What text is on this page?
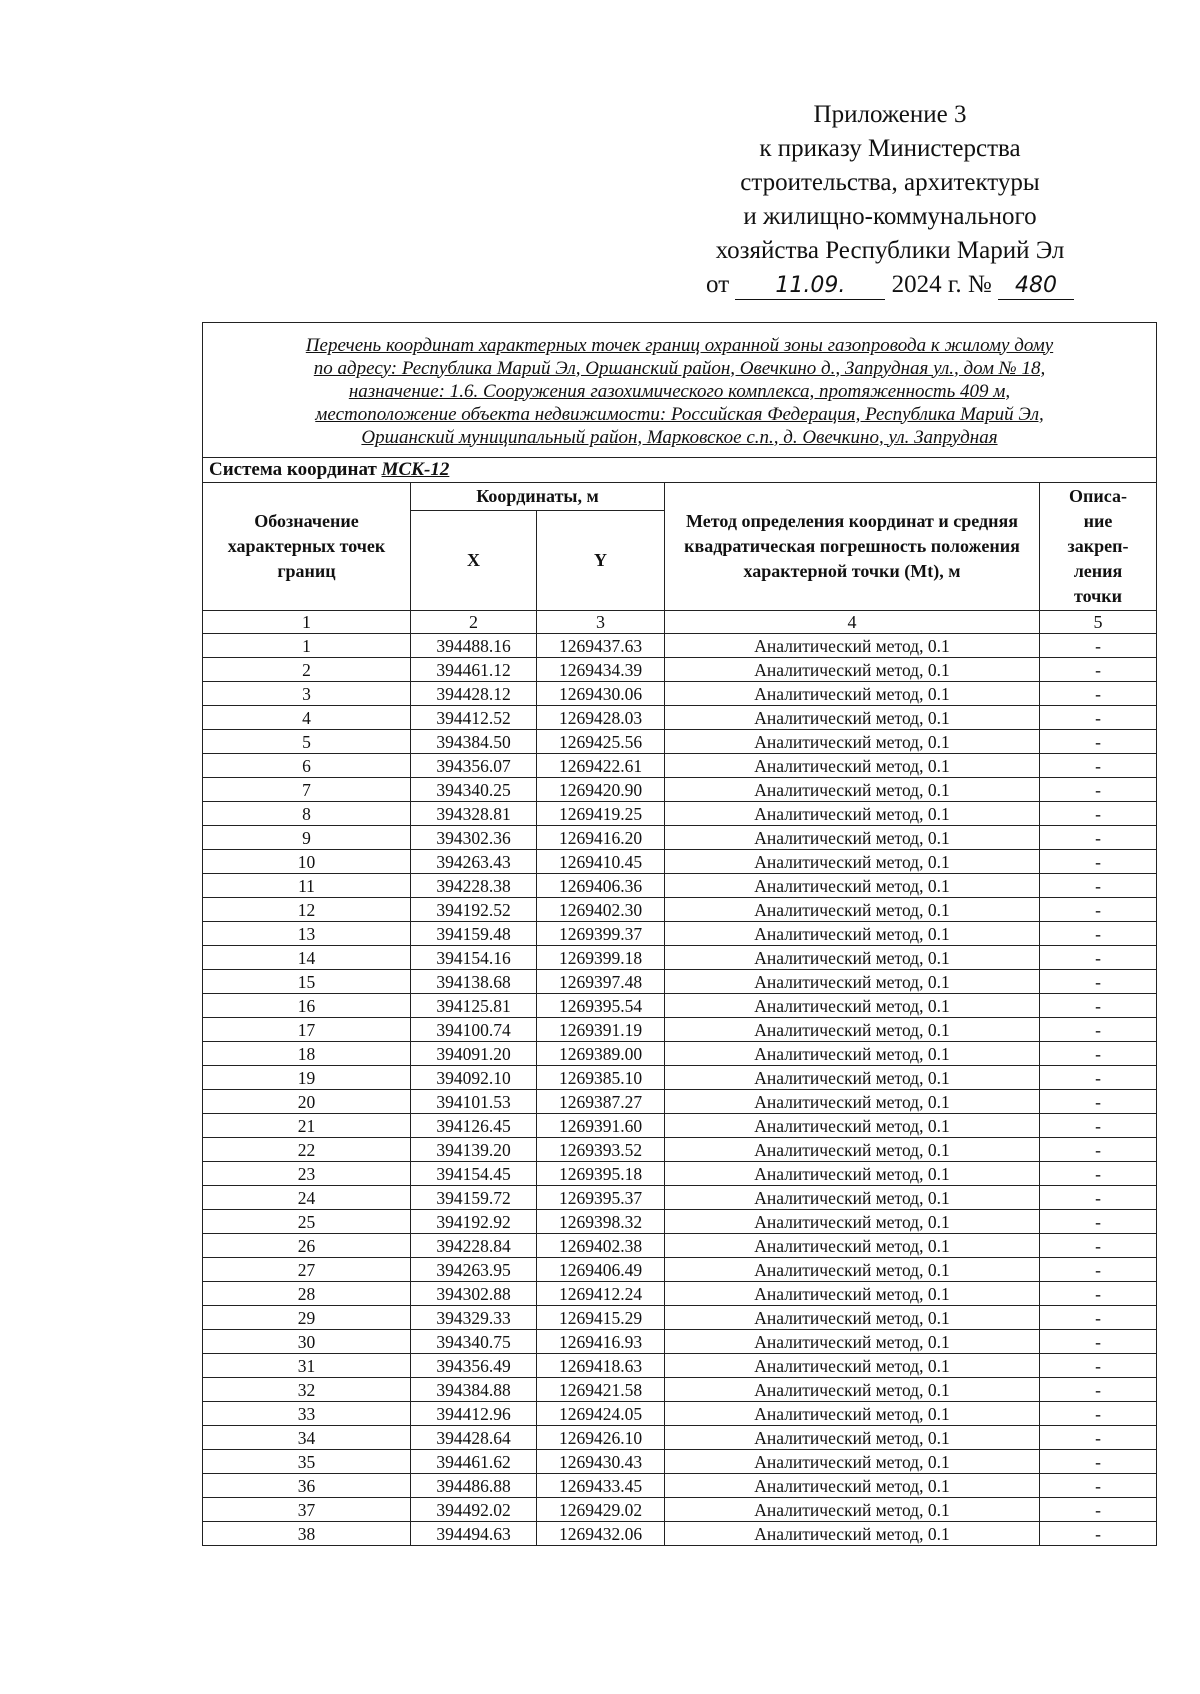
Приложение 3
к приказу Министерства
строительства, архитектуры
и жилищно-коммунального
хозяйства Республики Марий Эл
от 11.09. 2024 г. № 480
Перечень координат характерных точек границ охранной зоны газопровода к жилому дому
по адресу: Республика Марий Эл, Оршанский район, Овечкино д., Запрудная ул., дом № 18,
назначение: 1.6. Сооружения газохимического комплекса, протяженность 409 м,
местоположение объекта недвижимости: Российская Федерация, Республика Марий Эл,
Оршанский муниципальный район, Марковское с.п., д. Овечкино, ул. Запрудная				

Система координат МСК-12				
Обозначение характерных точек границ	Координаты, м		Метод определения координат и средняя квадратическая погрешность положения характерной точки (Mt), м	Описа-
ние
закреп-
ления
точки

	X	Y		
1	2	3	4	5
1	394488.16	1269437.63	Аналитический метод, 0.1	-
2	394461.12	1269434.39	Аналитический метод, 0.1	-
3	394428.12	1269430.06	Аналитический метод, 0.1	-
4	394412.52	1269428.03	Аналитический метод, 0.1	-
5	394384.50	1269425.56	Аналитический метод, 0.1	-
6	394356.07	1269422.61	Аналитический метод, 0.1	-
7	394340.25	1269420.90	Аналитический метод, 0.1	-
8	394328.81	1269419.25	Аналитический метод, 0.1	-
9	394302.36	1269416.20	Аналитический метод, 0.1	-
10	394263.43	1269410.45	Аналитический метод, 0.1	-
11	394228.38	1269406.36	Аналитический метод, 0.1	-
12	394192.52	1269402.30	Аналитический метод, 0.1	-
13	394159.48	1269399.37	Аналитический метод, 0.1	-
14	394154.16	1269399.18	Аналитический метод, 0.1	-
15	394138.68	1269397.48	Аналитический метод, 0.1	-
16	394125.81	1269395.54	Аналитический метод, 0.1	-
17	394100.74	1269391.19	Аналитический метод, 0.1	-
18	394091.20	1269389.00	Аналитический метод, 0.1	-
19	394092.10	1269385.10	Аналитический метод, 0.1	-
20	394101.53	1269387.27	Аналитический метод, 0.1	-
21	394126.45	1269391.60	Аналитический метод, 0.1	-
22	394139.20	1269393.52	Аналитический метод, 0.1	-
23	394154.45	1269395.18	Аналитический метод, 0.1	-
24	394159.72	1269395.37	Аналитический метод, 0.1	-
25	394192.92	1269398.32	Аналитический метод, 0.1	-
26	394228.84	1269402.38	Аналитический метод, 0.1	-
27	394263.95	1269406.49	Аналитический метод, 0.1	-
28	394302.88	1269412.24	Аналитический метод, 0.1	-
29	394329.33	1269415.29	Аналитический метод, 0.1	-
30	394340.75	1269416.93	Аналитический метод, 0.1	-
31	394356.49	1269418.63	Аналитический метод, 0.1	-
32	394384.88	1269421.58	Аналитический метод, 0.1	-
33	394412.96	1269424.05	Аналитический метод, 0.1	-
34	394428.64	1269426.10	Аналитический метод, 0.1	-
35	394461.62	1269430.43	Аналитический метод, 0.1	-
36	394486.88	1269433.45	Аналитический метод, 0.1	-
37	394492.02	1269429.02	Аналитический метод, 0.1	-
38	394494.63	1269432.06	Аналитический метод, 0.1	-
